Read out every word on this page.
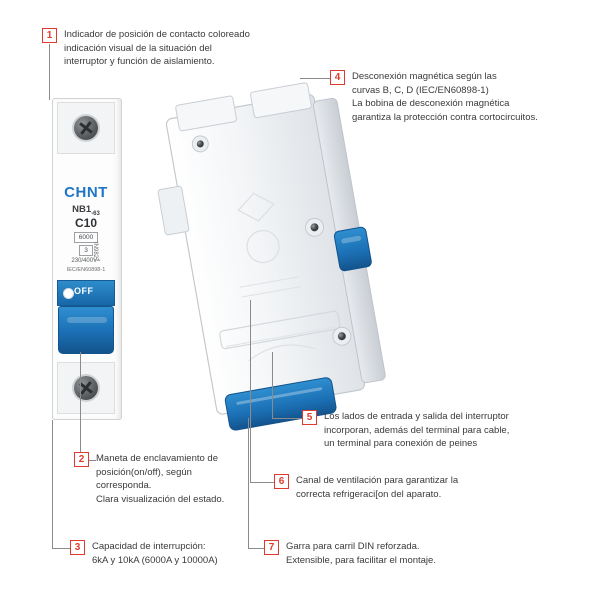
CHNT
$NB1_{-63}$
C10
6000
3
230/400V~
IEC/EN60898-1
IN9827
OFF
1	Indicador de posición de contacto coloreado
indicación visual de la situación del
interruptor y función de aislamiento.
2	Maneta de enclavamiento de
posición(on/off), según
corresponda.
Clara visualización del estado.
3	Capacidad de interrupción:
6kA y 10kA (6000A y 10000A)
4	Desconexión magnética según las
curvas B, C, D (IEC/EN60898-1)
La bobina de desconexión magnética
garantiza la protección contra cortocircuitos.
5	Los lados de entrada y salida del interruptor
incorporan, además del terminal para cable,
un terminal para conexión de peines
6	Canal de ventilación para garantizar la
correcta refrigeraci[on del aparato.
7	Garra para carril DIN reforzada.
Extensible, para facilitar el montaje.
